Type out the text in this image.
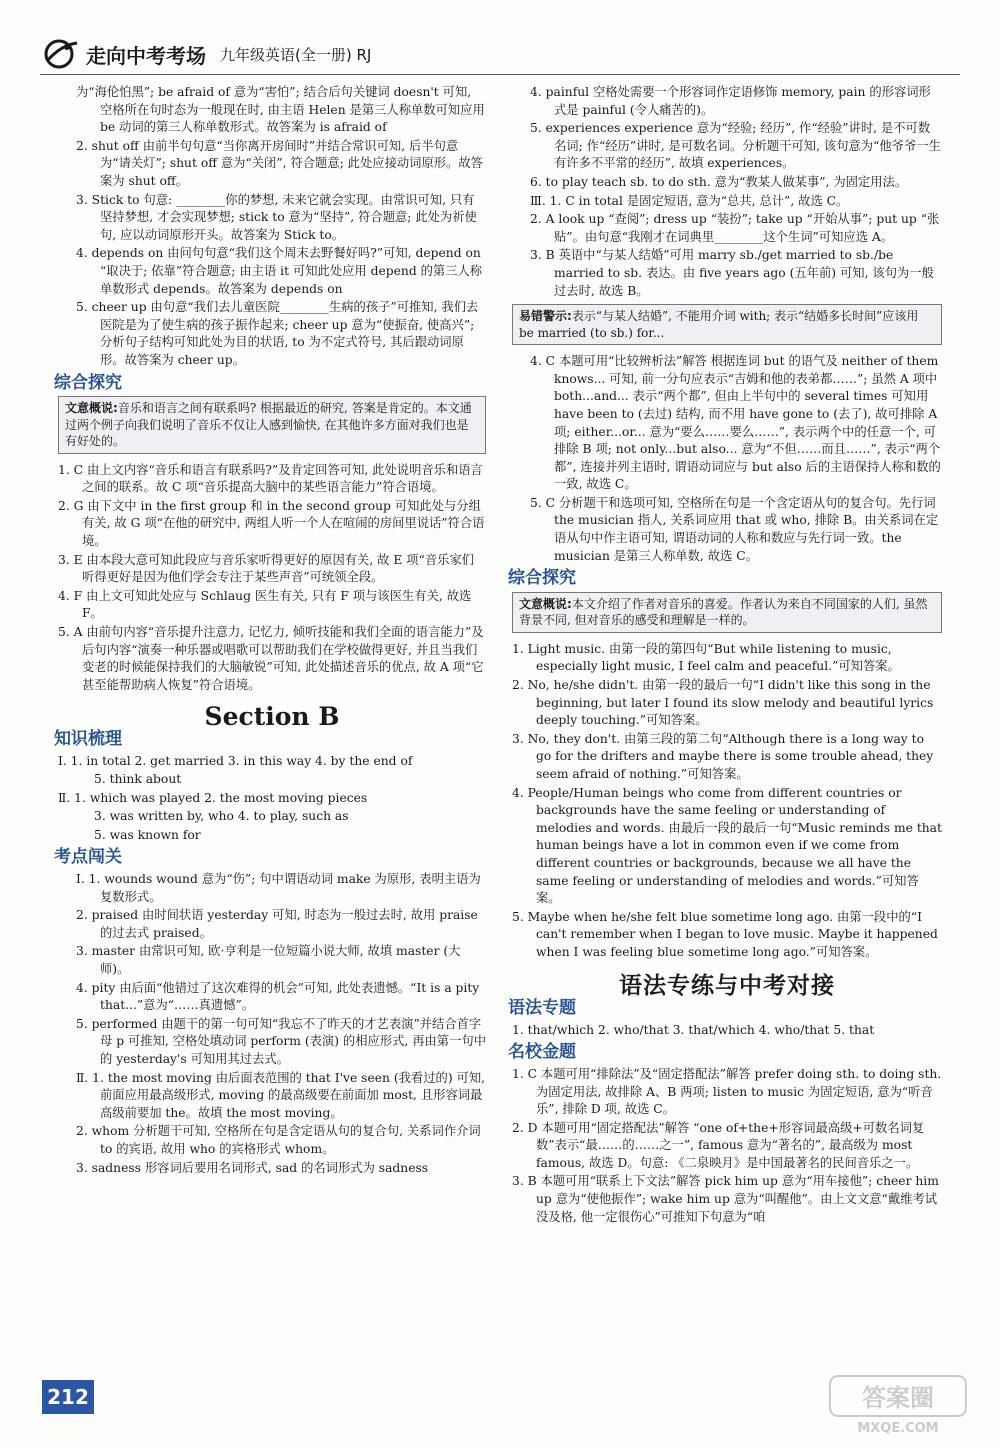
走向中考考场 九年级英语(全一册) RJ

为“海伦怕黑”; be afraid of 意为“害怕”; 结合后句关键词 doesn't 可知, 空格所在句时态为一般现在时, 由主语 Helen 是第三人称单数可知应用 be 动词的第三人称单数形式。故答案为 is afraid of

2. shut off 由前半句句意“当你离开房间时”并结合常识可知, 后半句意为“请关灯”; shut off 意为“关闭”, 符合题意; 此处应接动词原形。故答案为 shut off。

3. Stick to 句意: ________你的梦想, 未来它就会实现。由常识可知, 只有坚持梦想, 才会实现梦想; stick to 意为“坚持”, 符合题意; 此处为祈使句, 应以动词原形开头。故答案为 Stick to。

4. depends on 由问句句意“我们这个周末去野餐好吗?”可知, depend on “取决于; 依靠”符合题意; 由主语 it 可知此处应用 depend 的第三人称单数形式 depends。故答案为 depends on

5. cheer up 由句意“我们去儿童医院________生病的孩子”可推知, 我们去医院是为了使生病的孩子振作起来; cheer up 意为“使振奋, 使高兴”; 分析句子结构可知此处为目的状语, to 为不定式符号, 其后跟动词原形。故答案为 cheer up。

综合探究
文意概说:音乐和语言之间有联系吗? 根据最近的研究, 答案是肯定的。本文通过两个例子向我们说明了音乐不仅让人感到愉快, 在其他许多方面对我们也是有好处的。

1. C 由上文内容“音乐和语言有联系吗?”及肯定回答可知, 此处说明音乐和语言之间的联系。故 C 项“音乐提高大脑中的某些语言能力”符合语境。

2. G 由下文中 in the first group 和 in the second group 可知此处与分组有关, 故 G 项“在他的研究中, 两组人听一个人在喧闹的房间里说话”符合语境。

3. E 由本段大意可知此段应与音乐家听得更好的原因有关, 故 E 项“音乐家们听得更好是因为他们学会专注于某些声音”可统领全段。

4. F 由上文可知此处应与 Schlaug 医生有关, 只有 F 项与该医生有关, 故选 F。

5. A 由前句内容“音乐提升注意力, 记忆力, 倾听技能和我们全面的语言能力”及后句内容“演奏一种乐器或唱歌可以帮助我们在学校做得更好, 并且当我们变老的时候能保持我们的大脑敏锐”可知, 此处描述音乐的优点, 故 A 项“它甚至能帮助病人恢复”符合语境。

Section B
知识梳理

Ⅰ. 1. in total 2. get married 3. in this way 4. by the end of

5. think about

Ⅱ. 1. which was played 2. the most moving pieces

3. was written by, who 4. to play, such as

5. was known for

考点闯关

Ⅰ. 1. wounds wound 意为“伤”; 句中谓语动词 make 为原形, 表明主语为复数形式。

2. praised 由时间状语 yesterday 可知, 时态为一般过去时, 故用 praise 的过去式 praised。

3. master 由常识可知, 欧·亨利是一位短篇小说大师, 故填 master (大师)。

4. pity 由后面“他错过了这次难得的机会”可知, 此处表遗憾。“It is a pity that...”意为“……真遗憾”。

5. performed 由题干的第一句可知“我忘不了昨天的才艺表演”并结合首字母 p 可推知, 空格处填动词 perform (表演) 的相应形式, 再由第一句中的 yesterday's 可知用其过去式。

Ⅱ. 1. the most moving 由后面表范围的 that I've seen (我看过的) 可知, 前面应用最高级形式, moving 的最高级要在前面加 most, 且形容词最高级前要加 the。故填 the most moving。

2. whom 分析题干可知, 空格所在句是含定语从句的复合句, 关系词作介词 to 的宾语, 故用 who 的宾格形式 whom。

3. sadness 形容词后要用名词形式, sad 的名词形式为 sadness

4. painful 空格处需要一个形容词作定语修饰 memory, pain 的形容词形式是 painful (令人痛苦的)。

5. experiences experience 意为“经验; 经历”, 作“经验”讲时, 是不可数名词; 作“经历”讲时, 是可数名词。分析题干可知, 该句意为“他爷爷一生有许多不平常的经历”, 故填 experiences。

6. to play teach sb. to do sth. 意为“教某人做某事”, 为固定用法。

Ⅲ. 1. C in total 是固定短语, 意为“总共, 总计”, 故选 C。

2. A look up “查阅”; dress up “装扮”; take up “开始从事”; put up “张贴”。由句意“我刚才在词典里________这个生词”可知应选 A。

3. B 英语中“与某人结婚”可用 marry sb./get married to sb./be married to sb. 表达。由 five years ago (五年前) 可知, 该句为一般过去时, 故选 B。

易错警示:表示“与某人结婚”, 不能用介词 with; 表示“结婚多长时间”应该用 be married (to sb.) for...

4. C 本题可用“比较辨析法”解答 根据连词 but 的语气及 neither of them knows... 可知, 前一分句应表示“吉姆和他的表弟都……”; 虽然 A 项中 both...and... 表示“两个都”, 但由上半句中的 several times 可知用 have been to (去过) 结构, 而不用 have gone to (去了), 故可排除 A 项; either...or... 意为“要么……要么……”, 表示两个中的任意一个, 可排除 B 项; not only...but also... 意为“不但……而且……”, 表示“两个都”, 连接并列主语时, 谓语动词应与 but also 后的主语保持人称和数的一致, 故选 C。

5. C 分析题干和选项可知, 空格所在句是一个含定语从句的复合句。先行词 the musician 指人, 关系词应用 that 或 who, 排除 B。由关系词在定语从句中作主语可知, 谓语动词的人称和数应与先行词一致。the musician 是第三人称单数, 故选 C。

综合探究
文意概说:本文介绍了作者对音乐的喜爱。作者认为来自不同国家的人们, 虽然背景不同, 但对音乐的感受和理解是一样的。

1. Light music. 由第一段的第四句“But while listening to music, especially light music, I feel calm and peaceful.”可知答案。

2. No, he/she didn't. 由第一段的最后一句“I didn't like this song in the beginning, but later I found its slow melody and beautiful lyrics deeply touching.”可知答案。

3. No, they don't. 由第三段的第二句“Although there is a long way to go for the drifters and maybe there is some trouble ahead, they seem afraid of nothing.”可知答案。

4. People/Human beings who come from different countries or backgrounds have the same feeling or understanding of melodies and words. 由最后一段的最后一句“Music reminds me that human beings have a lot in common even if we come from different countries or backgrounds, because we all have the same feeling or understanding of melodies and words.”可知答案。

5. Maybe when he/she felt blue sometime long ago. 由第一段中的“I can't remember when I began to love music. Maybe it happened when I was feeling blue sometime long ago.”可知答案。

语法专练与中考对接
语法专题

1. that/which 2. who/that 3. that/which 4. who/that 5. that

名校金题

1. C 本题可用“排除法”及“固定搭配法”解答 prefer doing sth. to doing sth. 为固定用法, 故排除 A、B 两项; listen to music 为固定短语, 意为“听音乐”, 排除 D 项, 故选 C。

2. D 本题可用“固定搭配法”解答 “one of+the+形容词最高级+可数名词复数”表示“最……的……之一”, famous 意为“著名的”, 最高级为 most famous, 故选 D。句意: 《二泉映月》是中国最著名的民间音乐之一。

3. B 本题可用“联系上下文法”解答 pick him up 意为“用车接他”; cheer him up 意为“使他振作”; wake him up 意为“叫醒他”。由上文文意“戴维考试没及格, 他一定很伤心”可推知下句意为“咱

212	答案圈
MXQE.COM
